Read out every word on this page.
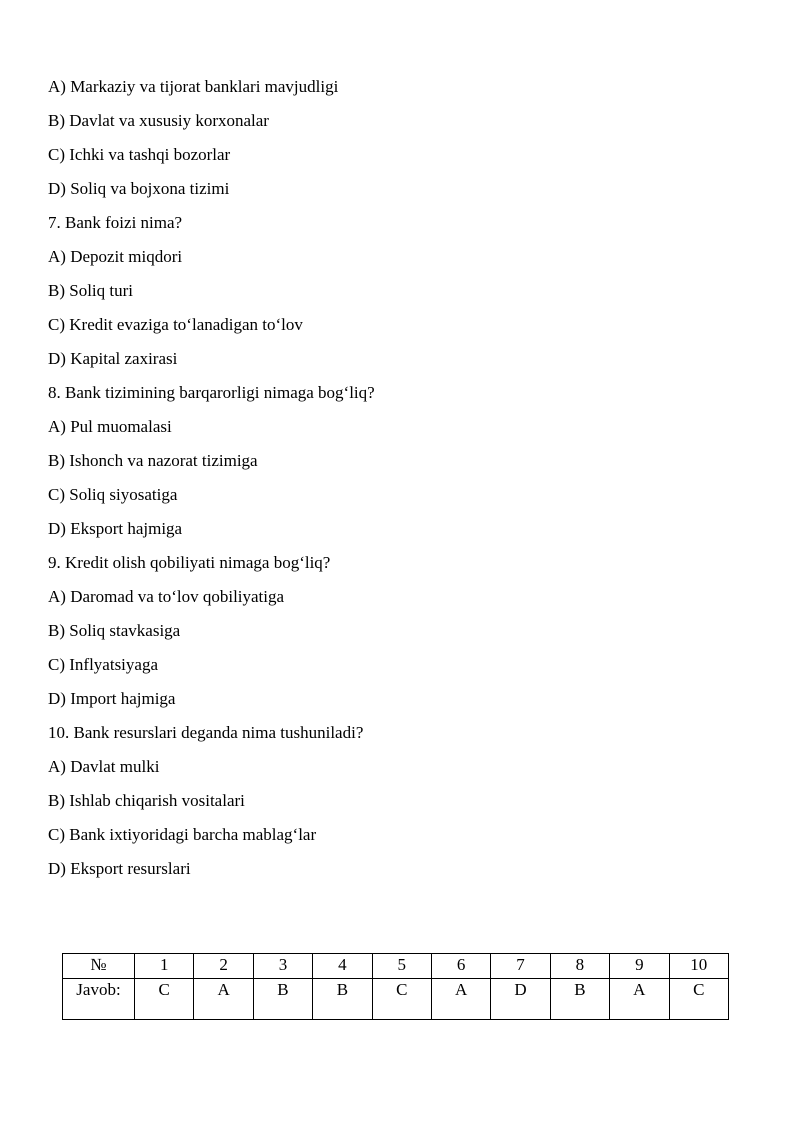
A) Markaziy va tijorat banklari mavjudligi
B) Davlat va xususiy korxonalar
C) Ichki va tashqi bozorlar
D) Soliq va bojxona tizimi
7. Bank foizi nima?
A) Depozit miqdori
B) Soliq turi
C) Kredit evaziga to‘lanadigan to‘lov
D) Kapital zaxirasi
8. Bank tizimining barqarorligi nimaga bog‘liq?
A) Pul muomalasi
B) Ishonch va nazorat tizimiga
C) Soliq siyosatiga
D) Eksport hajmiga
9. Kredit olish qobiliyati nimaga bog‘liq?
A) Daromad va to‘lov qobiliyatiga
B) Soliq stavkasiga
C) Inflyatsiyaga
D) Import hajmiga
10. Bank resurslari deganda nima tushuniladi?
A) Davlat mulki
B) Ishlab chiqarish vositalari
C) Bank ixtiyoridagi barcha mablag‘lar
D) Eksport resurslari
№	1	2	3	4	5	6	7	8	9	10
Javob:	C	A	B	B	C	A	D	B	A	C
